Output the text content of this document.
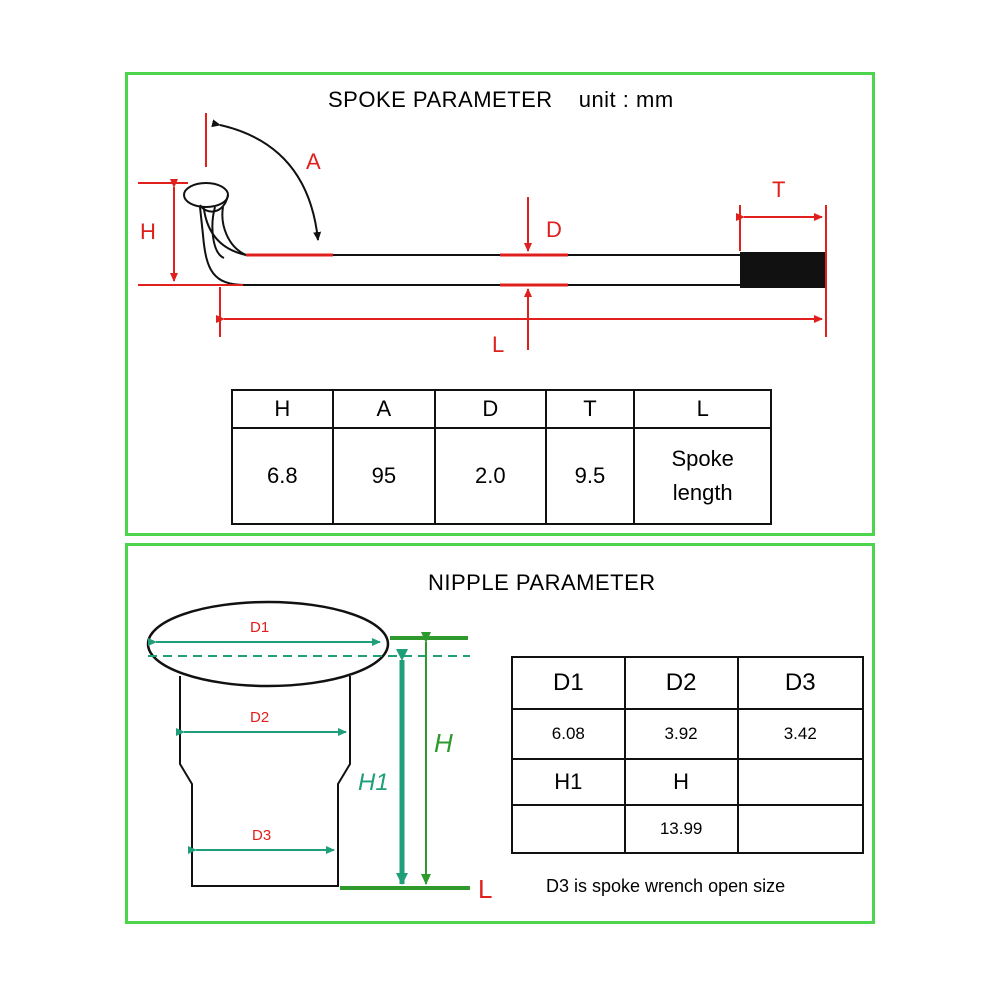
SPOKE PARAMETER unit : mm
A
H	D
T
L
H	A	D	T	L
6.8	95	2.0	9.5	Spoke
length
NIPPLE PARAMETER
D1
D2
D3
H1
H
L
D1	D2	D3
6.08	3.92	3.42
H1	H	
	13.99	
D3 is spoke wrench open size
